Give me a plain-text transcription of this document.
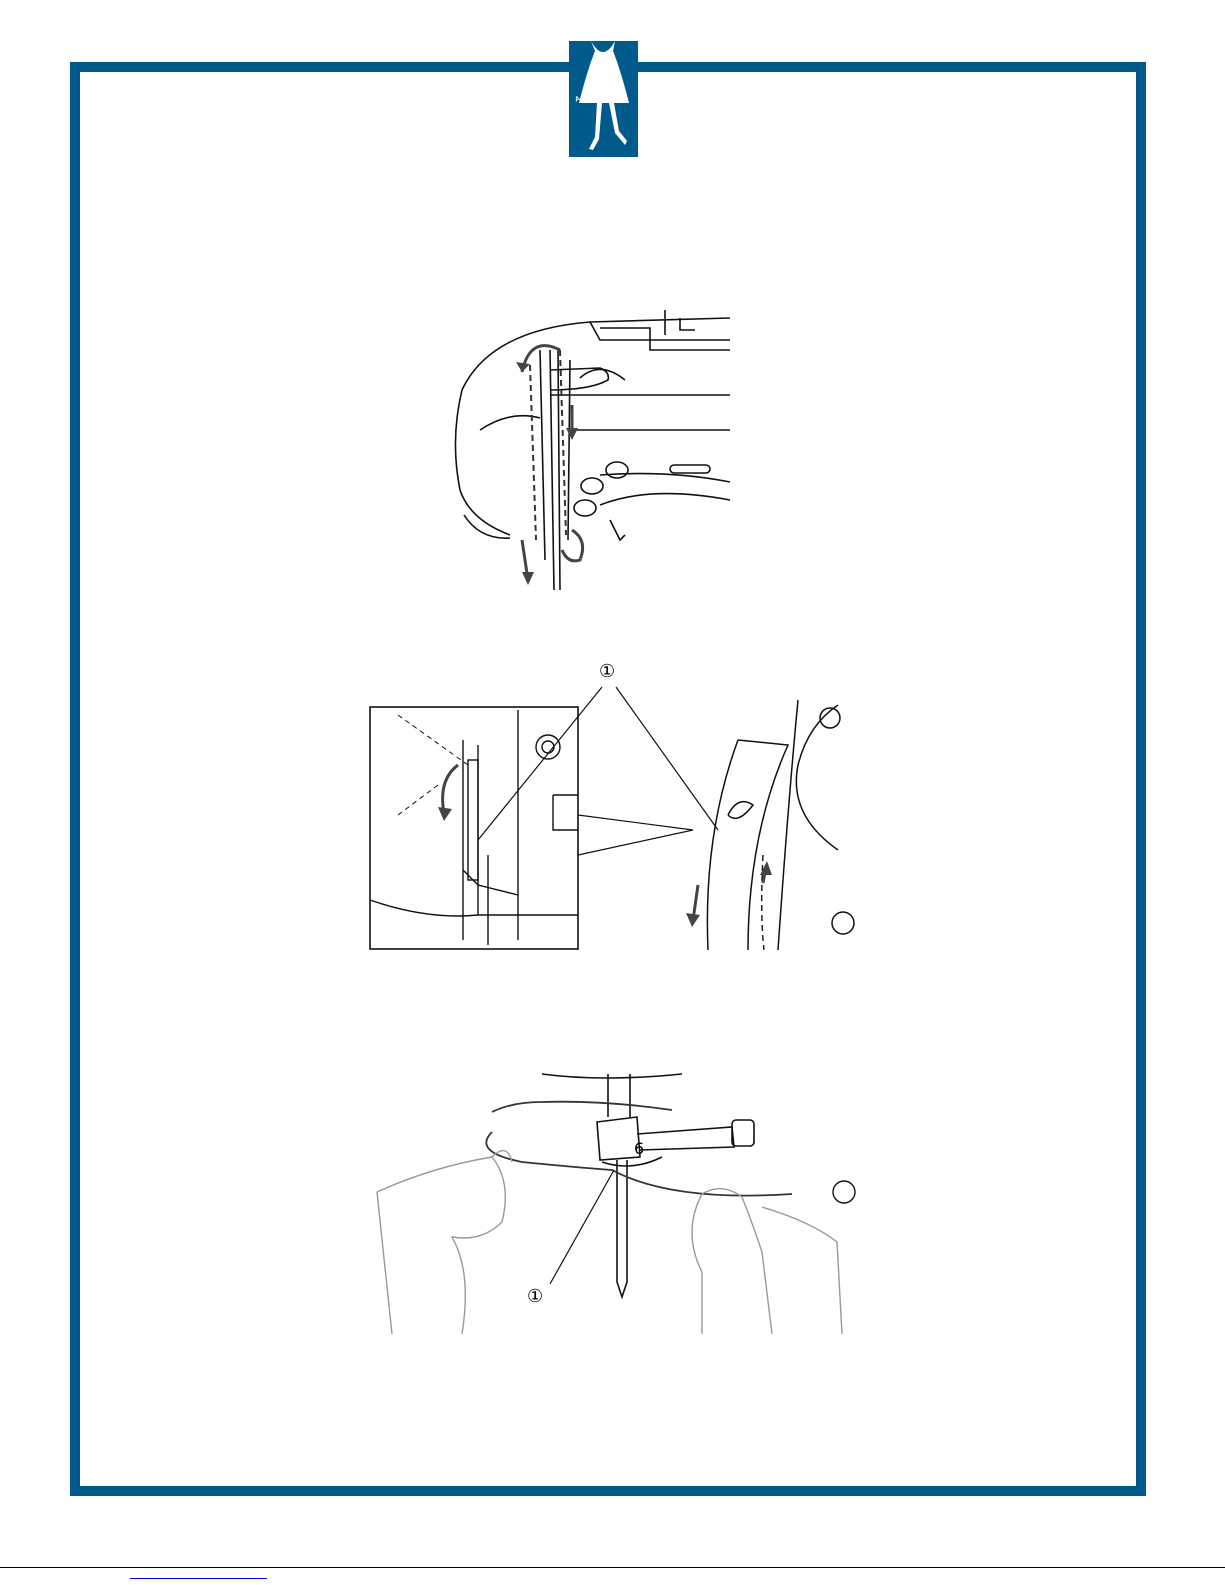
A-LINE SERIES
①
6
①
